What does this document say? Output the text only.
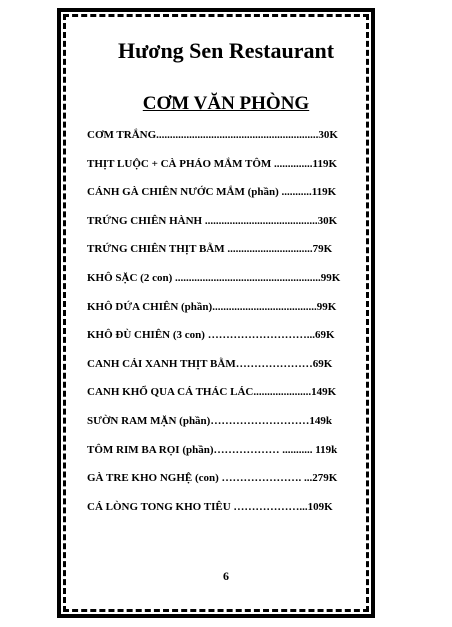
Hương Sen Restaurant
CƠM VĂN PHÒNG
CƠM TRẮNG...........................................................30K
THỊT LUỘC + CÀ PHÁO MẮM TÔM ..............119K
CÁNH GÀ CHIÊN NƯỚC MẮM (phần) ...........119K
TRỨNG CHIÊN HÀNH .........................................30K
TRỨNG CHIÊN THỊT BẰM ...............................79K
KHÔ SẶC (2 con) .....................................................99K
KHÔ DỨA CHIÊN (phần)......................................99K
KHÔ ĐÙ CHIÊN (3 con) ………………………...69K
CANH CẢI XANH THỊT BẰM…………………69K
CANH KHỔ QUA CÁ THÁC LÁC.....................149K
SƯỜN RAM MẶN (phần)………………………149k
TÔM RIM BA RỌI (phần)……………… ........... 119k
GÀ TRE KHO NGHỆ (con) …………………. ...279K
CÁ LÒNG TONG KHO TIÊU ………………...109K
6
